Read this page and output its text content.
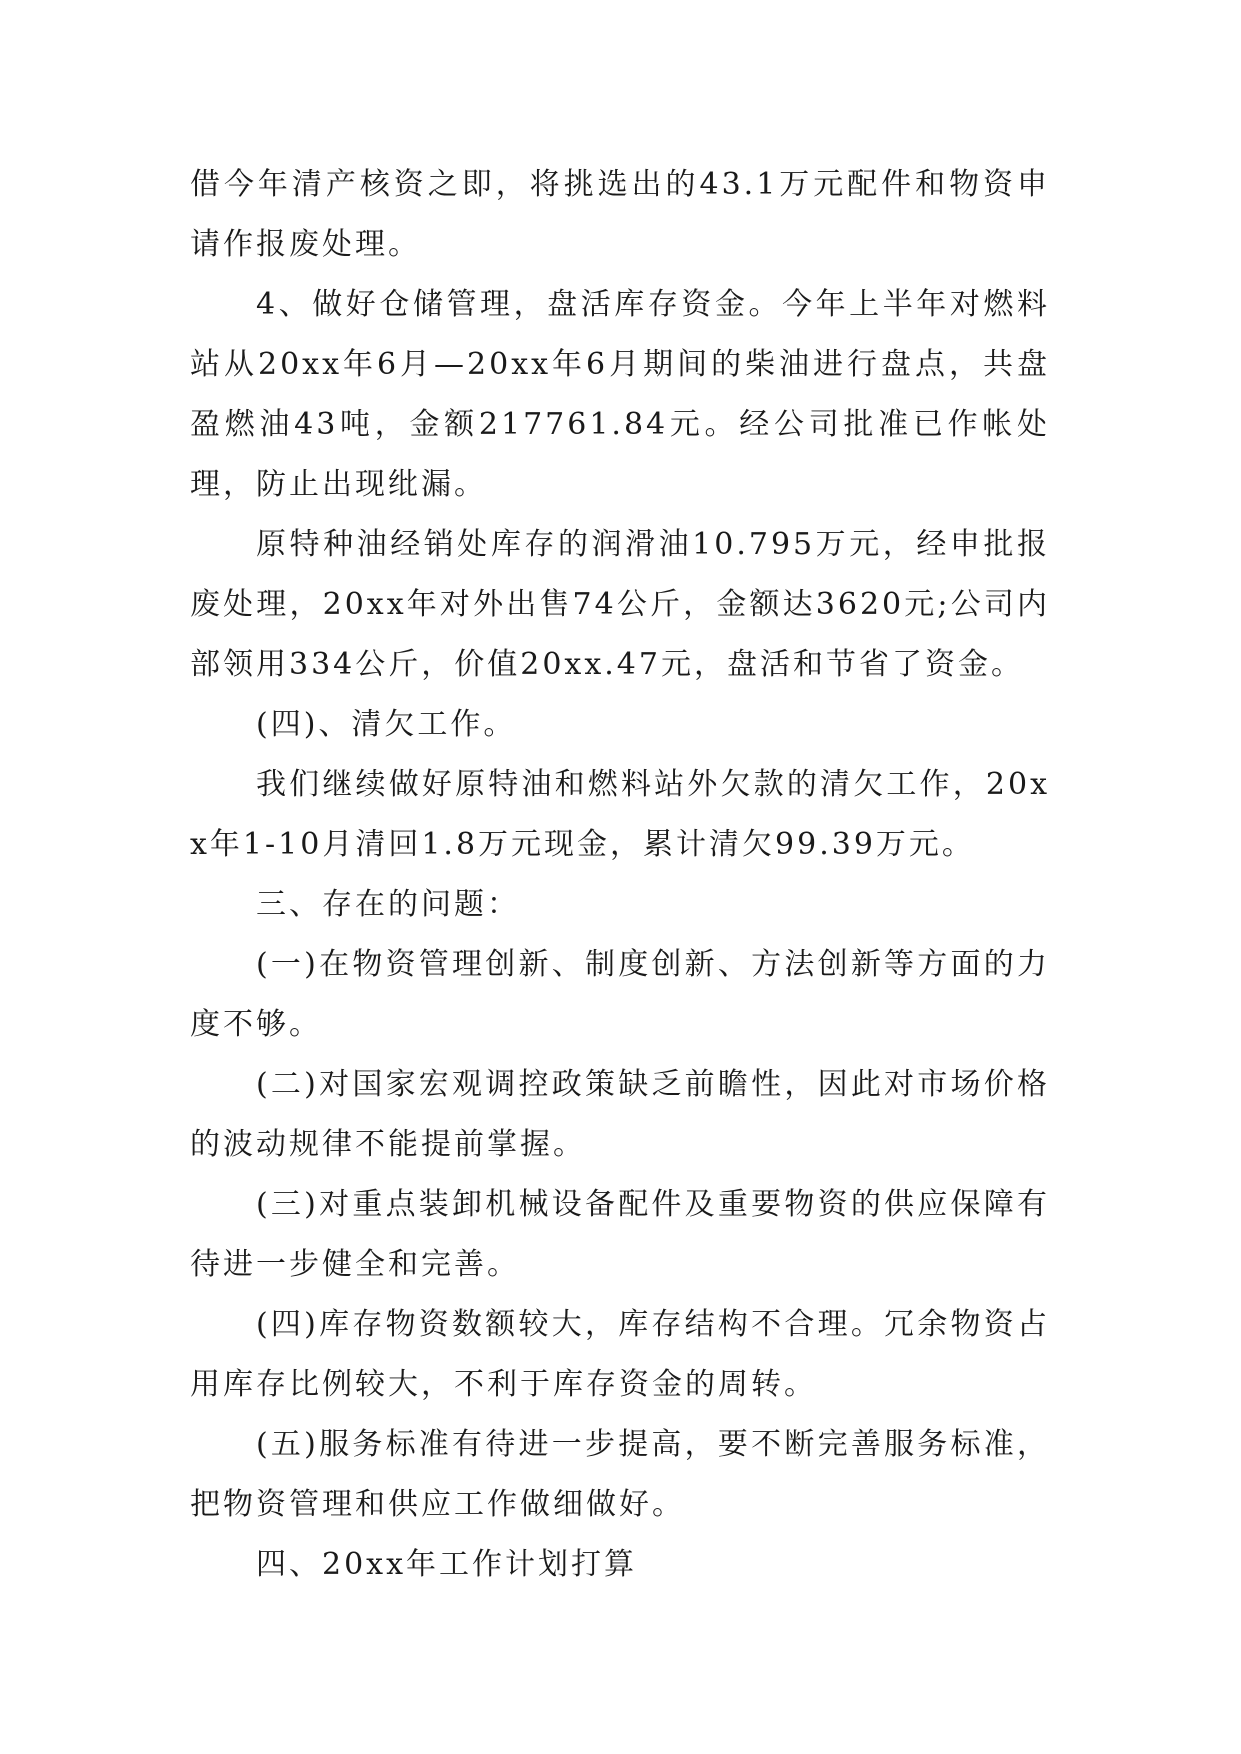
借今年清产核资之即，将挑选出的43.1万元配件和物资申请作报废处理。

4、做好仓储管理，盘活库存资金。今年上半年对燃料站从20xx年6月—20xx年6月期间的柴油进行盘点，共盘盈燃油43吨，金额217761.84元。经公司批准已作帐处理，防止出现纰漏。

原特种油经销处库存的润滑油10.795万元，经申批报废处理，20xx年对外出售74公斤，金额达3620元;公司内部领用334公斤，价值20xx.47元，盘活和节省了资金。

(四)、清欠工作。

我们继续做好原特油和燃料站外欠款的清欠工作，20xx年1-10月清回1.8万元现金，累计清欠99.39万元。

三、存在的问题：

(一)在物资管理创新、制度创新、方法创新等方面的力度不够。

(二)对国家宏观调控政策缺乏前瞻性，因此对市场价格的波动规律不能提前掌握。

(三)对重点装卸机械设备配件及重要物资的供应保障有待进一步健全和完善。

(四)库存物资数额较大，库存结构不合理。冗余物资占用库存比例较大，不利于库存资金的周转。

(五)服务标准有待进一步提高，要不断完善服务标准，把物资管理和供应工作做细做好。

四、20xx年工作计划打算
